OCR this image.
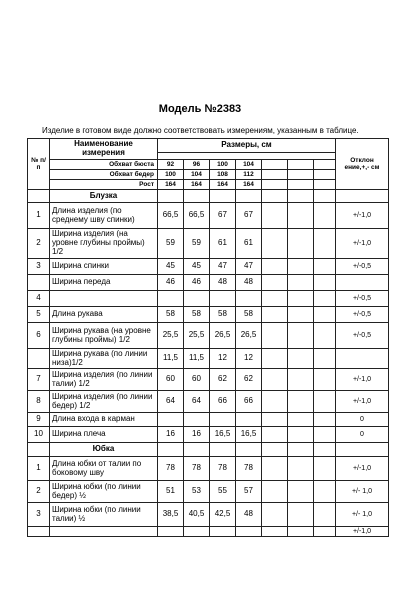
Модель №2383
Изделие в готовом виде должно соответствовать измерениям, указанным в таблице.
№ п/п	Наименование измерения	Размеры, см							Отклон ение,+,- см

	Обхват бюста	92	96	100	104				
	Обхват бедер	100	104	108	112				
	Рост	164	164	164	164				
	Блузка								
1	Длина изделия (по среднему шву спинки)	66,5	66,5	67	67				+/-1,0
2	Ширина изделия (на уровне глубины проймы) 1/2	59	59	61	61				+/-1,0
3	Ширина спинки	45	45	47	47				+/-0,5
	Ширина переда	46	46	48	48				
4									+/-0,5
5	Длина рукава	58	58	58	58				+/-0,5
6	Ширина рукава (на уровне глубины проймы) 1/2	25,5	25,5	26,5	26,5				+/-0,5
	Ширина рукава (по линии низа)1/2	11,5	11,5	12	12				
7	Ширина изделия (по линии талии) 1/2	60	60	62	62				+/-1,0
8	Ширина изделия (по линии бедер) 1/2	64	64	66	66				+/-1,0
9	Длина входа в карман								0
10	Ширина плеча	16	16	16,5	16,5				0
	Юбка								
1	Длина юбки от талии по боковому шву	78	78	78	78				+/-1,0
2	Ширина юбки (по линии бедер) ½	51	53	55	57				+/- 1,0
3	Ширина юбки (по линии талии) ½	38,5	40,5	42,5	48				+/- 1,0
									+/-1,0
